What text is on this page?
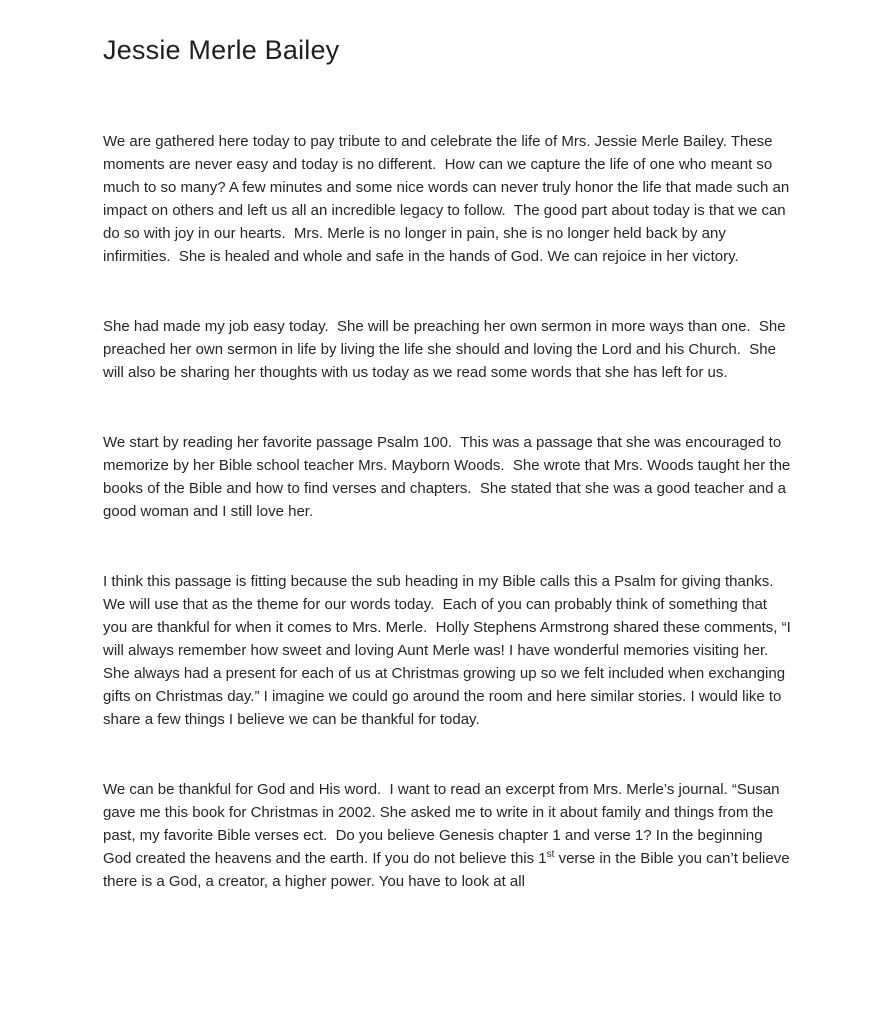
Jessie Merle Bailey

We are gathered here today to pay tribute to and celebrate the life of Mrs. Jessie Merle Bailey. These moments are never easy and today is no different.  How can we capture the life of one who meant so much to so many? A few minutes and some nice words can never truly honor the life that made such an impact on others and left us all an incredible legacy to follow.  The good part about today is that we can do so with joy in our hearts.  Mrs. Merle is no longer in pain, she is no longer held back by any infirmities.  She is healed and whole and safe in the hands of God. We can rejoice in her victory.

She had made my job easy today.  She will be preaching her own sermon in more ways than one.  She preached her own sermon in life by living the life she should and loving the Lord and his Church.  She will also be sharing her thoughts with us today as we read some words that she has left for us.

We start by reading her favorite passage Psalm 100.  This was a passage that she was encouraged to memorize by her Bible school teacher Mrs. Mayborn Woods.  She wrote that Mrs. Woods taught her the books of the Bible and how to find verses and chapters.  She stated that she was a good teacher and a good woman and I still love her.

I think this passage is fitting because the sub heading in my Bible calls this a Psalm for giving thanks.  We will use that as the theme for our words today.  Each of you can probably think of something that you are thankful for when it comes to Mrs. Merle.  Holly Stephens Armstrong shared these comments, “I will always remember how sweet and loving Aunt Merle was! I have wonderful memories visiting her. She always had a present for each of us at Christmas growing up so we felt included when exchanging gifts on Christmas day.” I imagine we could go around the room and here similar stories. I would like to share a few things I believe we can be thankful for today.

We can be thankful for God and His word.  I want to read an excerpt from Mrs. Merle’s journal. “Susan gave me this book for Christmas in 2002. She asked me to write in it about family and things from the past, my favorite Bible verses ect.  Do you believe Genesis chapter 1 and verse 1? In the beginning God created the heavens and the earth. If you do not believe this 1st verse in the Bible you can’t believe there is a God, a creator, a higher power. You have to look at all
